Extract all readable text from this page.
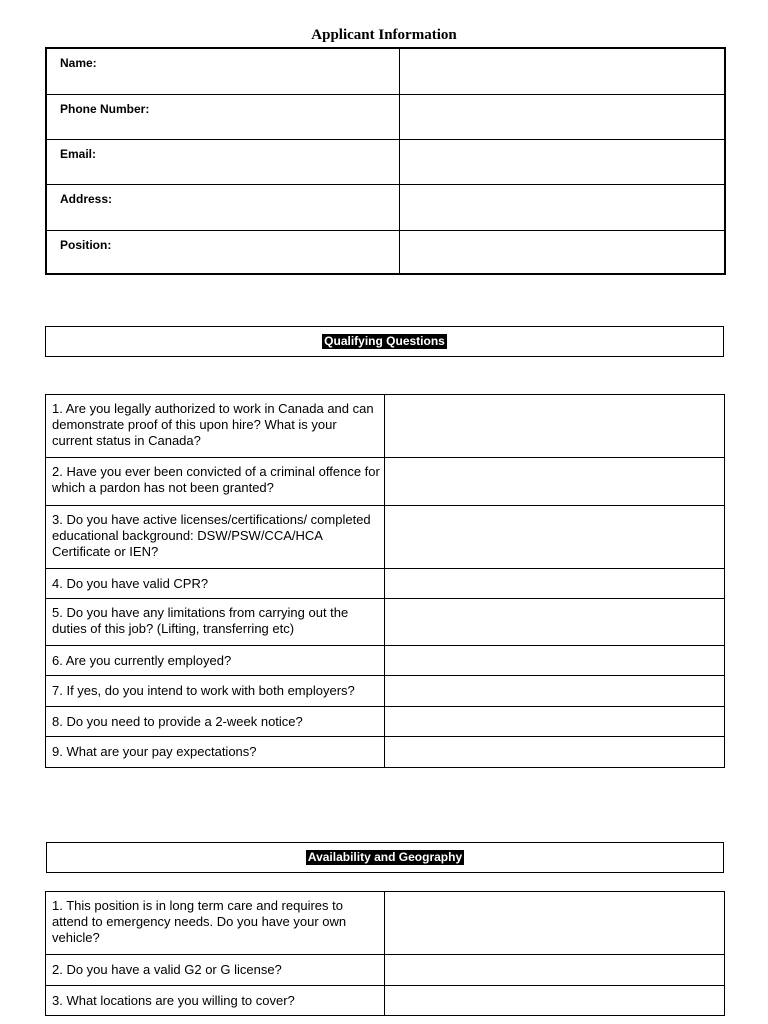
Applicant Information
Name:	
Phone Number:	
Email:	
Address:	
Position:	
Qualifying Questions
1. Are you legally authorized to work in Canada and can demonstrate proof of this upon hire? What is your current status in Canada?	
2. Have you ever been convicted of a criminal offence for which a pardon has not been granted?	
3. Do you have active licenses/certifications/ completed educational background: DSW/PSW/CCA/HCA Certificate or IEN?	
4. Do you have valid CPR?	
5. Do you have any limitations from carrying out the duties of this job? (Lifting, transferring etc)	
6. Are you currently employed?	
7. If yes, do you intend to work with both employers?	
8. Do you need to provide a 2-week notice?	
9. What are your pay expectations?	
Availability and Geography
1. This position is in long term care and requires to attend to emergency needs. Do you have your own vehicle?	
2. Do you have a valid G2 or G license?	
3. What locations are you willing to cover?	
